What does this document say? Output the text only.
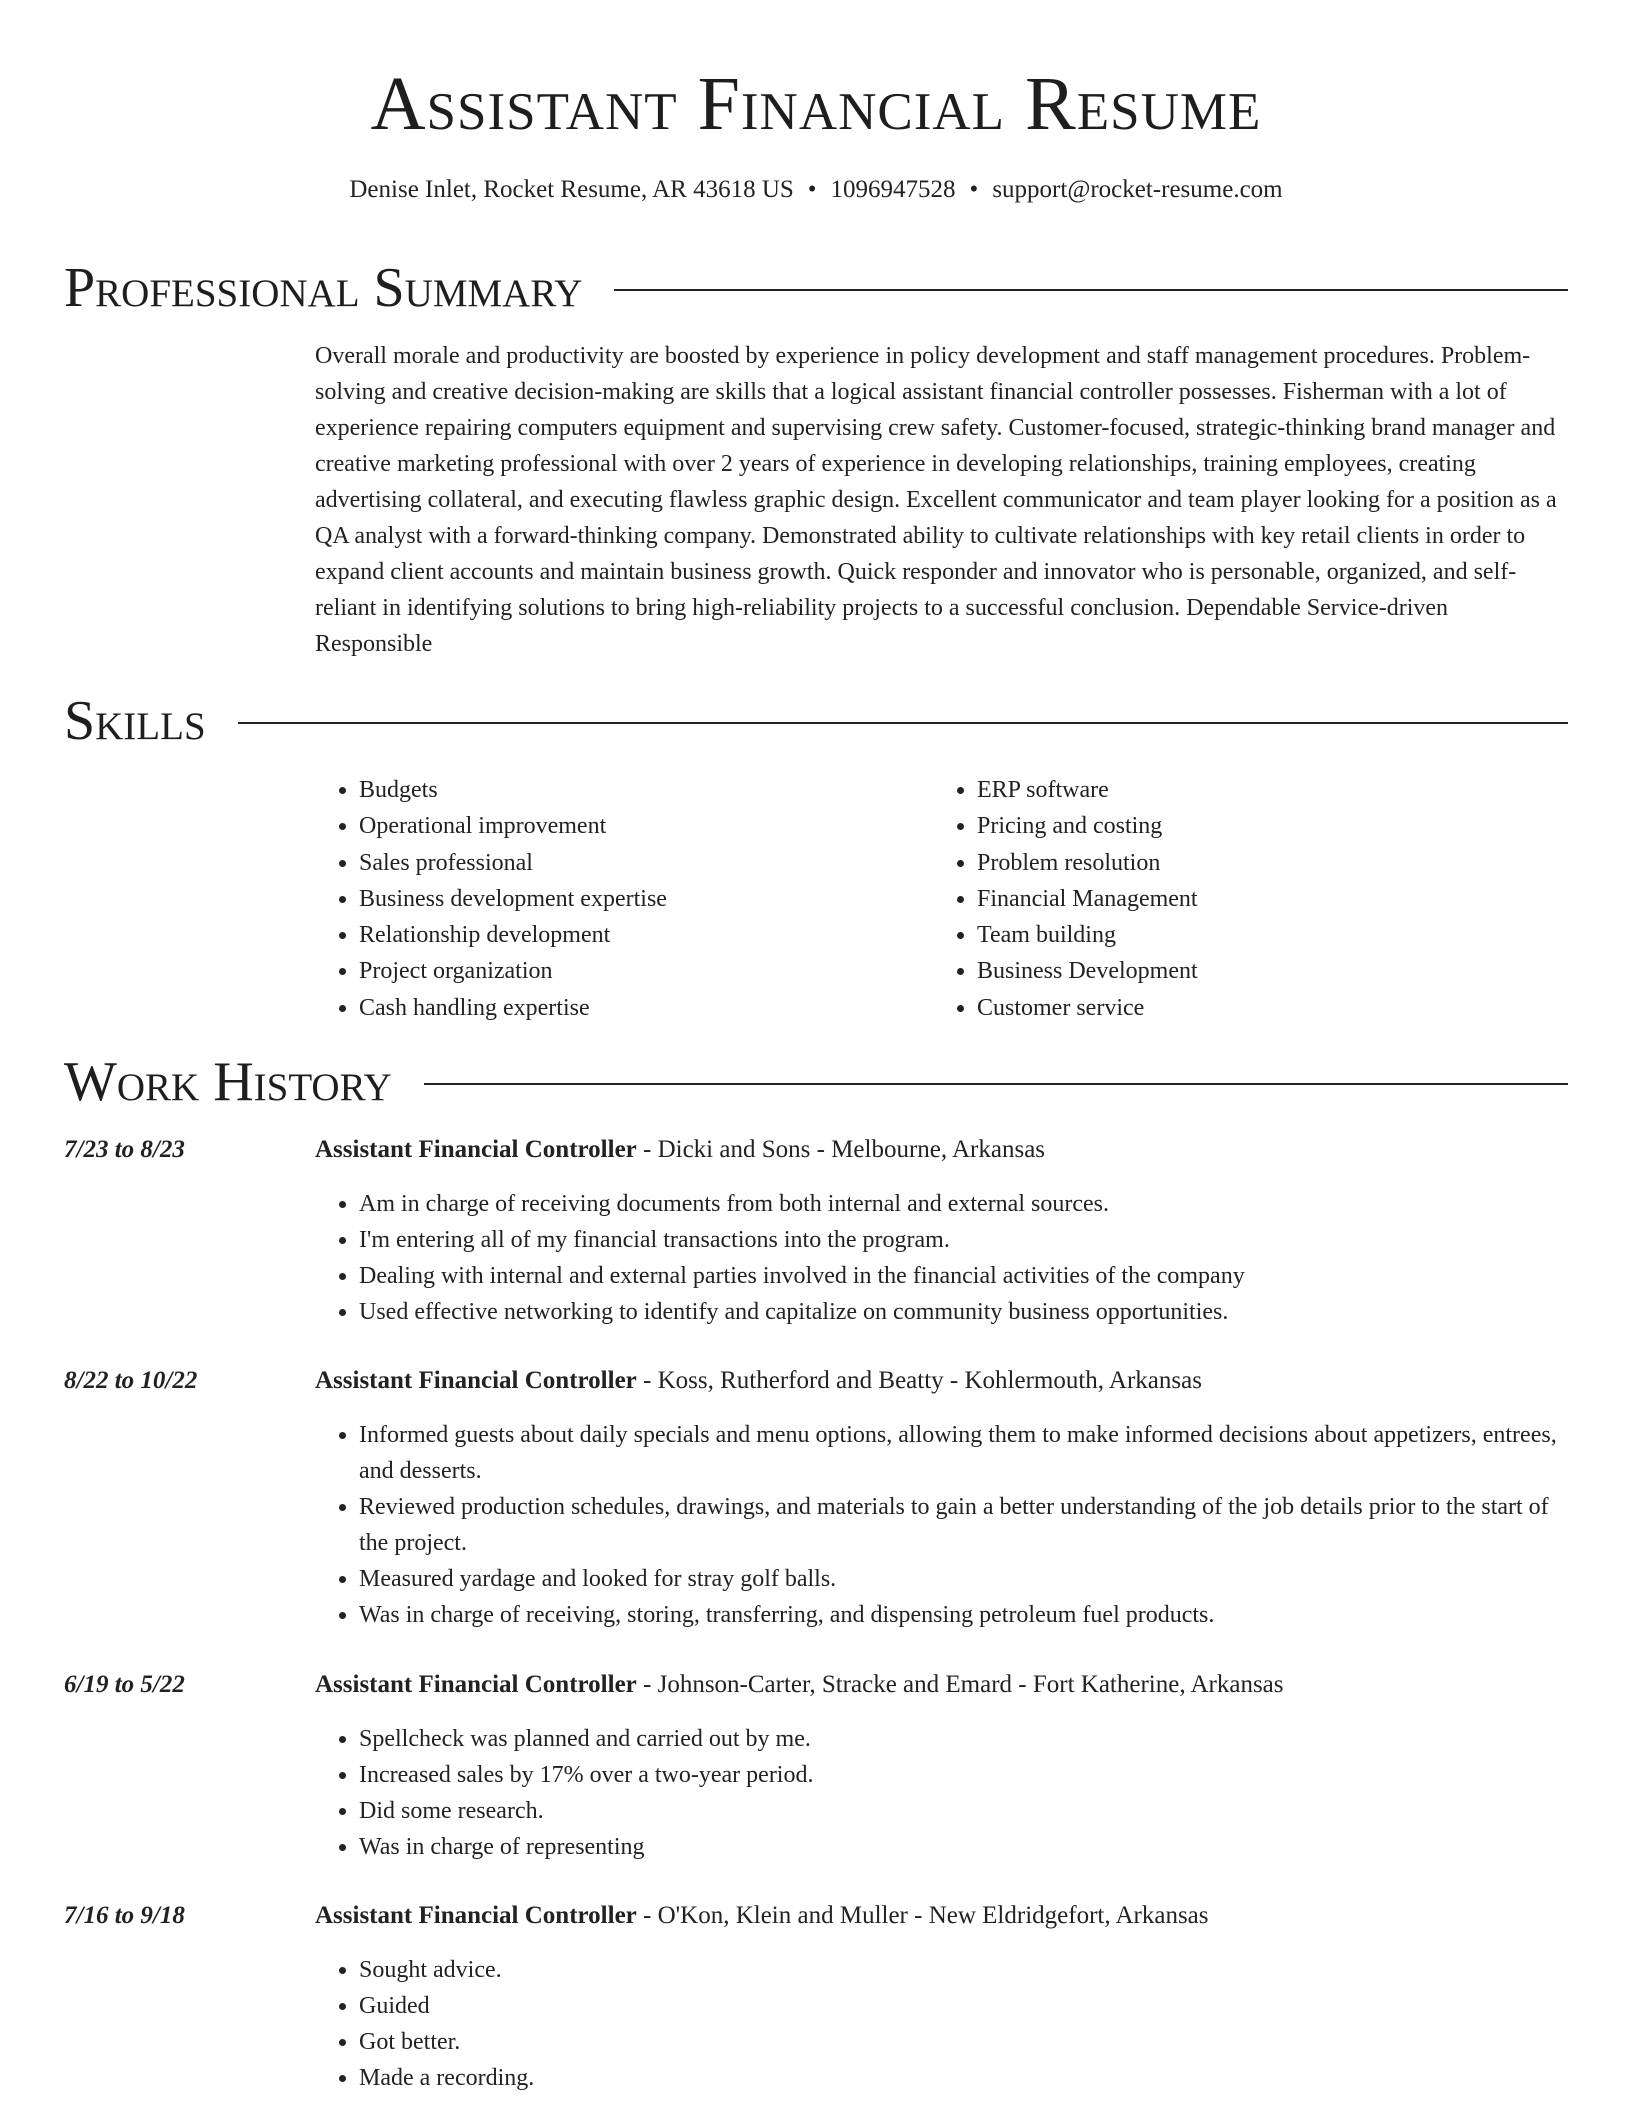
Assistant Financial Resume
Denise Inlet, Rocket Resume, AR 43618 US • 1096947528 • support@rocket-resume.com
Professional Summary
Overall morale and productivity are boosted by experience in policy development and staff management procedures. Problem-solving and creative decision-making are skills that a logical assistant financial controller possesses. Fisherman with a lot of experience repairing computers equipment and supervising crew safety. Customer-focused, strategic-thinking brand manager and creative marketing professional with over 2 years of experience in developing relationships, training employees, creating advertising collateral, and executing flawless graphic design. Excellent communicator and team player looking for a position as a QA analyst with a forward-thinking company. Demonstrated ability to cultivate relationships with key retail clients in order to expand client accounts and maintain business growth. Quick responder and innovator who is personable, organized, and self-reliant in identifying solutions to bring high-reliability projects to a successful conclusion. Dependable Service-driven Responsible
Skills
• Budgets
• Operational improvement
• Sales professional
• Business development expertise
• Relationship development
• Project organization
• Cash handling expertise
• ERP software
• Pricing and costing
• Problem resolution
• Financial Management
• Team building
• Business Development
• Customer service
Work History
7/23 to 8/23	Assistant Financial Controller - Dicki and Sons - Melbourne, Arkansas
• Am in charge of receiving documents from both internal and external sources.
• I'm entering all of my financial transactions into the program.
• Dealing with internal and external parties involved in the financial activities of the company
• Used effective networking to identify and capitalize on community business opportunities.
8/22 to 10/22	Assistant Financial Controller - Koss, Rutherford and Beatty - Kohlermouth, Arkansas
• Informed guests about daily specials and menu options, allowing them to make informed decisions about appetizers, entrees, and desserts.
• Reviewed production schedules, drawings, and materials to gain a better understanding of the job details prior to the start of the project.
• Measured yardage and looked for stray golf balls.
• Was in charge of receiving, storing, transferring, and dispensing petroleum fuel products.
6/19 to 5/22	Assistant Financial Controller - Johnson-Carter, Stracke and Emard - Fort Katherine, Arkansas
• Spellcheck was planned and carried out by me.
• Increased sales by 17% over a two-year period.
• Did some research.
• Was in charge of representing
7/16 to 9/18	Assistant Financial Controller - O'Kon, Klein and Muller - New Eldridgefort, Arkansas
• Sought advice.
• Guided
• Got better.
• Made a recording.
